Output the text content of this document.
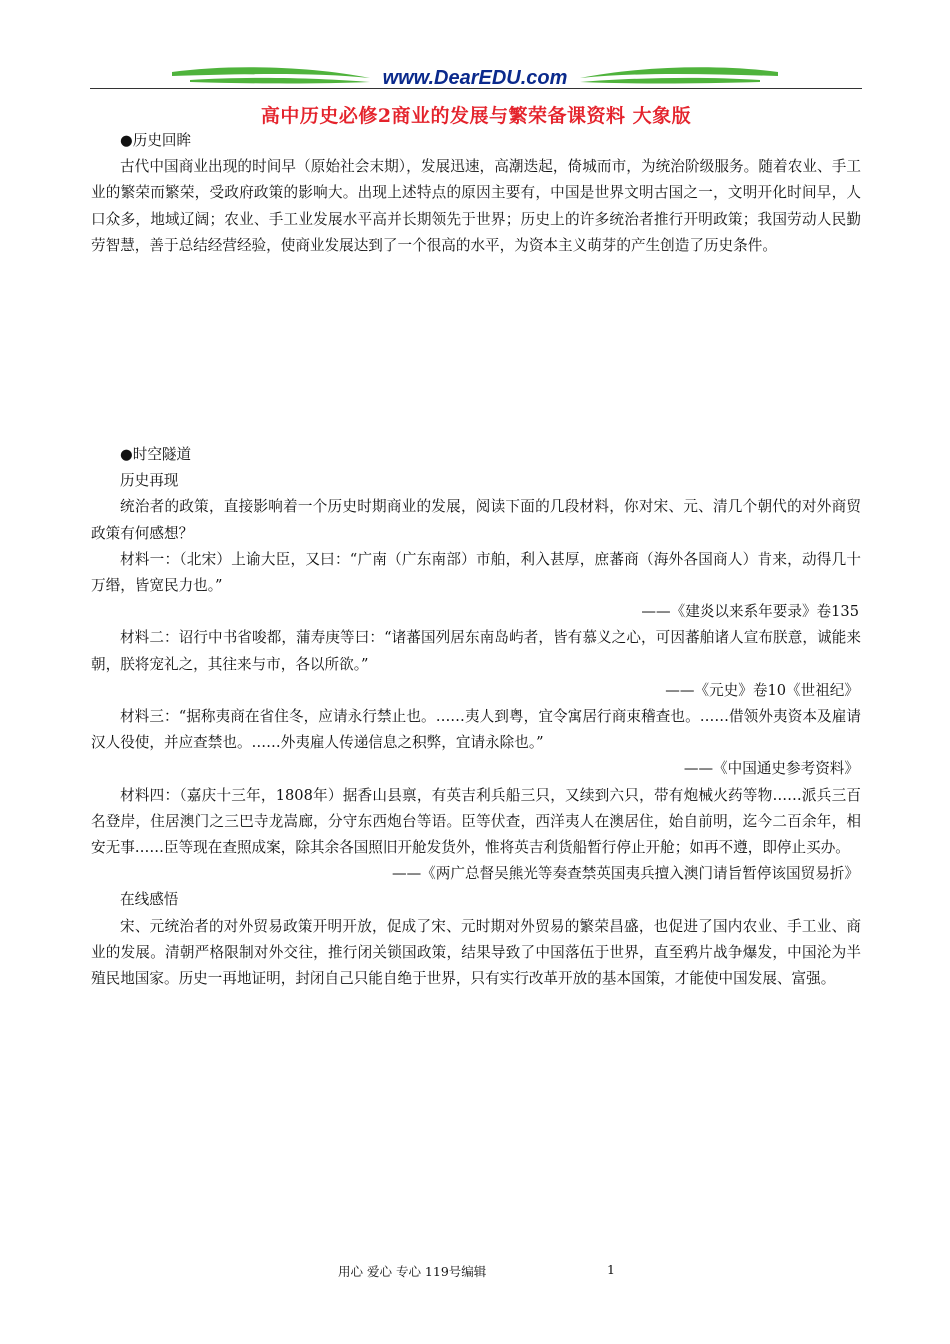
www.DearEDU.com
高中历史必修2商业的发展与繁荣备课资料 大象版

●历史回眸

古代中国商业出现的时间早（原始社会末期），发展迅速，高潮迭起，倚城而市，为统治阶级服务。随着农业、手工业的繁荣而繁荣，受政府政策的影响大。出现上述特点的原因主要有，中国是世界文明古国之一，文明开化时间早，人口众多，地域辽阔；农业、手工业发展水平高并长期领先于世界；历史上的许多统治者推行开明政策；我国劳动人民勤劳智慧，善于总结经营经验，使商业发展达到了一个很高的水平，为资本主义萌芽的产生创造了历史条件。

●时空隧道

历史再现

统治者的政策，直接影响着一个历史时期商业的发展，阅读下面的几段材料，你对宋、元、清几个朝代的对外商贸政策有何感想？

材料一：（北宋）上谕大臣，又曰：“广南（广东南部）市舶，利入甚厚，庶蕃商（海外各国商人）肯来，动得几十万缗，皆宽民力也。”

——《建炎以来系年要录》卷135

材料二：诏行中书省唆都，蒲寿庚等曰：“诸蕃国列居东南岛屿者，皆有慕义之心，可因蕃舶诸人宣布朕意，诚能来朝，朕将宠礼之，其往来与市，各以所欲。”

——《元史》卷10《世祖纪》

材料三：“据称夷商在省住冬，应请永行禁止也。……夷人到粤，宜令寓居行商束稽查也。……借领外夷资本及雇请汉人役使，并应查禁也。……外夷雇人传递信息之积弊，宜请永除也。”

——《中国通史参考资料》

材料四：（嘉庆十三年，1808年）据香山县禀，有英吉利兵船三只，又续到六只，带有炮械火药等物……派兵三百名登岸，住居澳门之三巴寺龙嵩廊，分守东西炮台等语。臣等伏查，西洋夷人在澳居住，始自前明，迄今二百余年，相安无事……臣等现在查照成案，除其余各国照旧开舱发货外，惟将英吉利货船暂行停止开舱；如再不遵，即停止买办。

——《两广总督吴熊光等奏查禁英国夷兵擅入澳门请旨暂停该国贸易折》

在线感悟

宋、元统治者的对外贸易政策开明开放，促成了宋、元时期对外贸易的繁荣昌盛，也促进了国内农业、手工业、商业的发展。清朝严格限制对外交往，推行闭关锁国政策，结果导致了中国落伍于世界，直至鸦片战争爆发，中国沦为半殖民地国家。历史一再地证明，封闭自己只能自绝于世界，只有实行改革开放的基本国策，才能使中国发展、富强。

用心 爱心 专心 119号编辑	1
